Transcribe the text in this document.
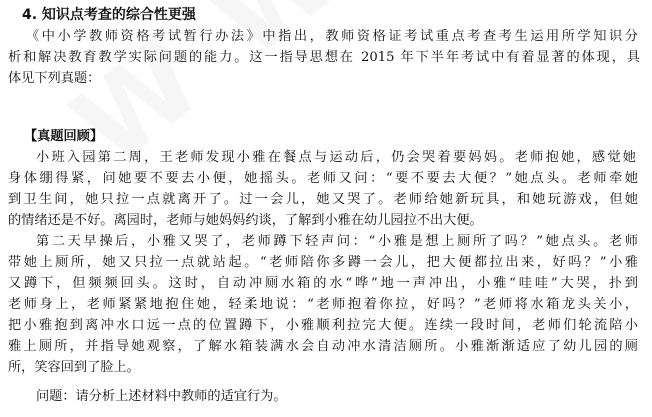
4. 知识点考查的综合性更强
《中小学教师资格考试暂行办法》中指出，教师资格证考试重点考查考生运用所学知识分
析和解决教育教学实际问题的能力。这一指导思想在 2015 年下半年考试中有着显著的体现，具
体见下列真题：
【真题回顾】
小班入园第二周，王老师发现小雅在餐点与运动后，仍会哭着要妈妈。老师抱她，感觉她
身体绷得紧，问她要不要去小便，她摇头。老师又问：“要不要去大便？”她点头。老师牵她
到卫生间，她只拉一点就离开了。过一会儿，她又哭了。老师给她新玩具，和她玩游戏，但她
的情绪还是不好。离园时，老师与她妈妈约谈，了解到小雅在幼儿园拉不出大便。
第二天早操后，小雅又哭了，老师蹲下轻声问：“小雅是想上厕所了吗？”她点头。老师
带她上厕所，她又只拉一点就站起。“老师陪你多蹲一会儿，把大便都拉出来，好吗？”小雅
又蹲下，但频频回头。这时，自动冲厕水箱的水“哗”地一声冲出，小雅“哇哇”大哭，扑到
老师身上，老师紧紧地抱住她，轻柔地说：“老师抱着你拉，好吗？”老师将水箱龙头关小，
把小雅抱到离冲水口远一点的位置蹲下，小雅顺利拉完大便。连续一段时间，老师们轮流陪小
雅上厕所，并指导她观察，了解水箱装满水会自动冲水清洁厕所。小雅渐渐适应了幼儿园的厕
所，笑容回到了脸上。
问题：请分析上述材料中教师的适宜行为。
